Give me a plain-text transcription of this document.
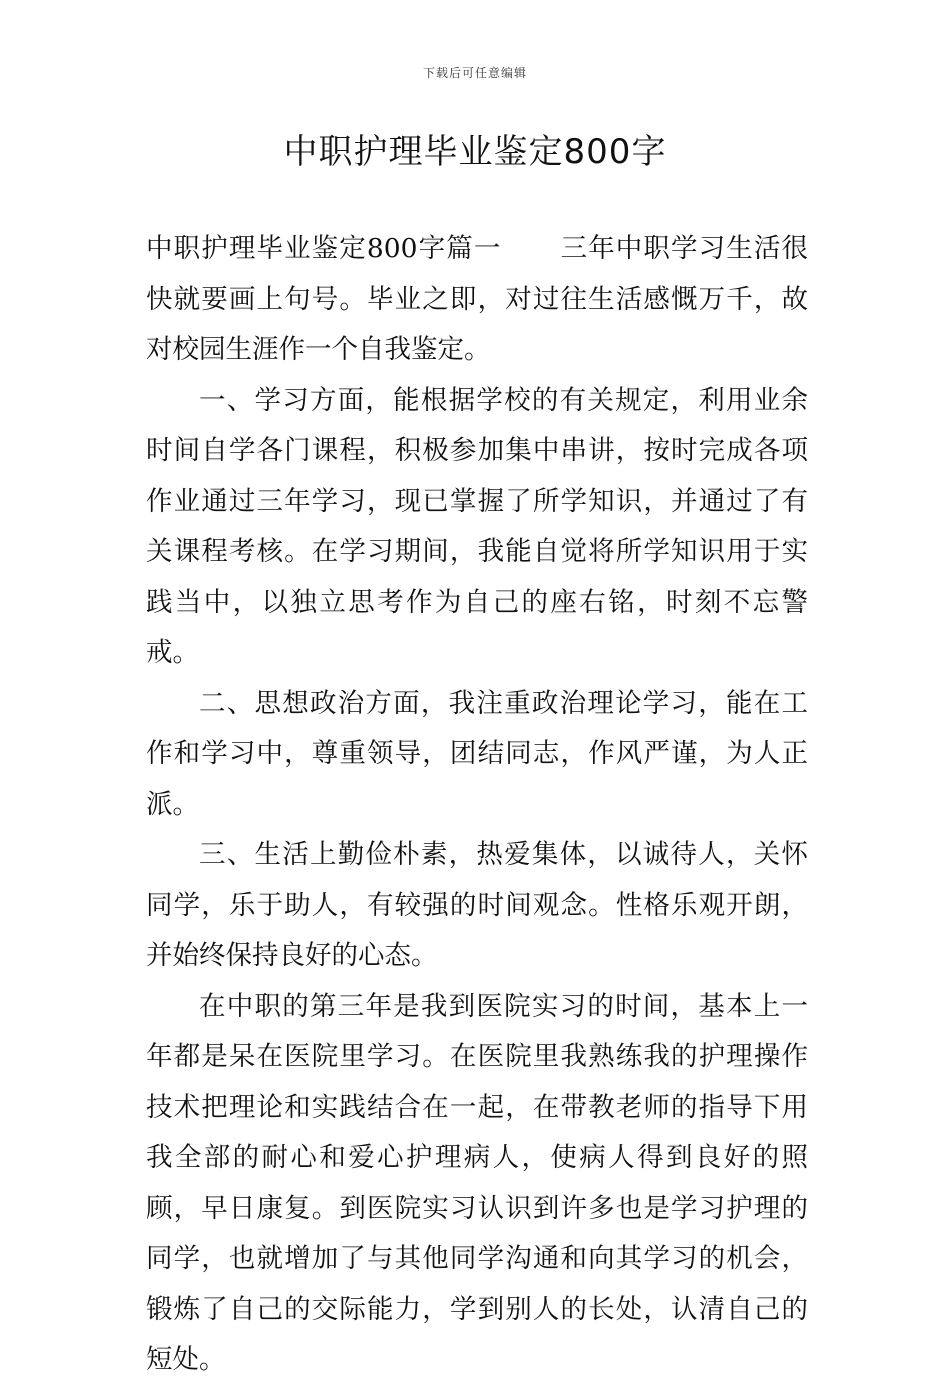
下载后可任意编辑
中职护理毕业鉴定800字

中职护理毕业鉴定800字篇一 三年中职学习生活很快就要画上句号。毕业之即，对过往生活感慨万千，故对校园生涯作一个自我鉴定。

一、学习方面，能根据学校的有关规定，利用业余时间自学各门课程，积极参加集中串讲，按时完成各项作业通过三年学习，现已掌握了所学知识，并通过了有关课程考核。在学习期间，我能自觉将所学知识用于实践当中，以独立思考作为自己的座右铭，时刻不忘警戒。

二、思想政治方面，我注重政治理论学习，能在工作和学习中，尊重领导，团结同志，作风严谨，为人正派。

三、生活上勤俭朴素，热爱集体，以诚待人，关怀同学，乐于助人，有较强的时间观念。性格乐观开朗， 并始终保持良好的心态。

在中职的第三年是我到医院实习的时间，基本上一年都是呆在医院里学习。在医院里我熟练我的护理操作技术把理论和实践结合在一起，在带教老师的指导下用我全部的耐心和爱心护理病人，使病人得到良好的照顾，早日康复。到医院实习认识到许多也是学习护理的同学，也就增加了与其他同学沟通和向其学习的机会，锻炼了自己的交际能力，学到别人的长处，认清自己的短处。
